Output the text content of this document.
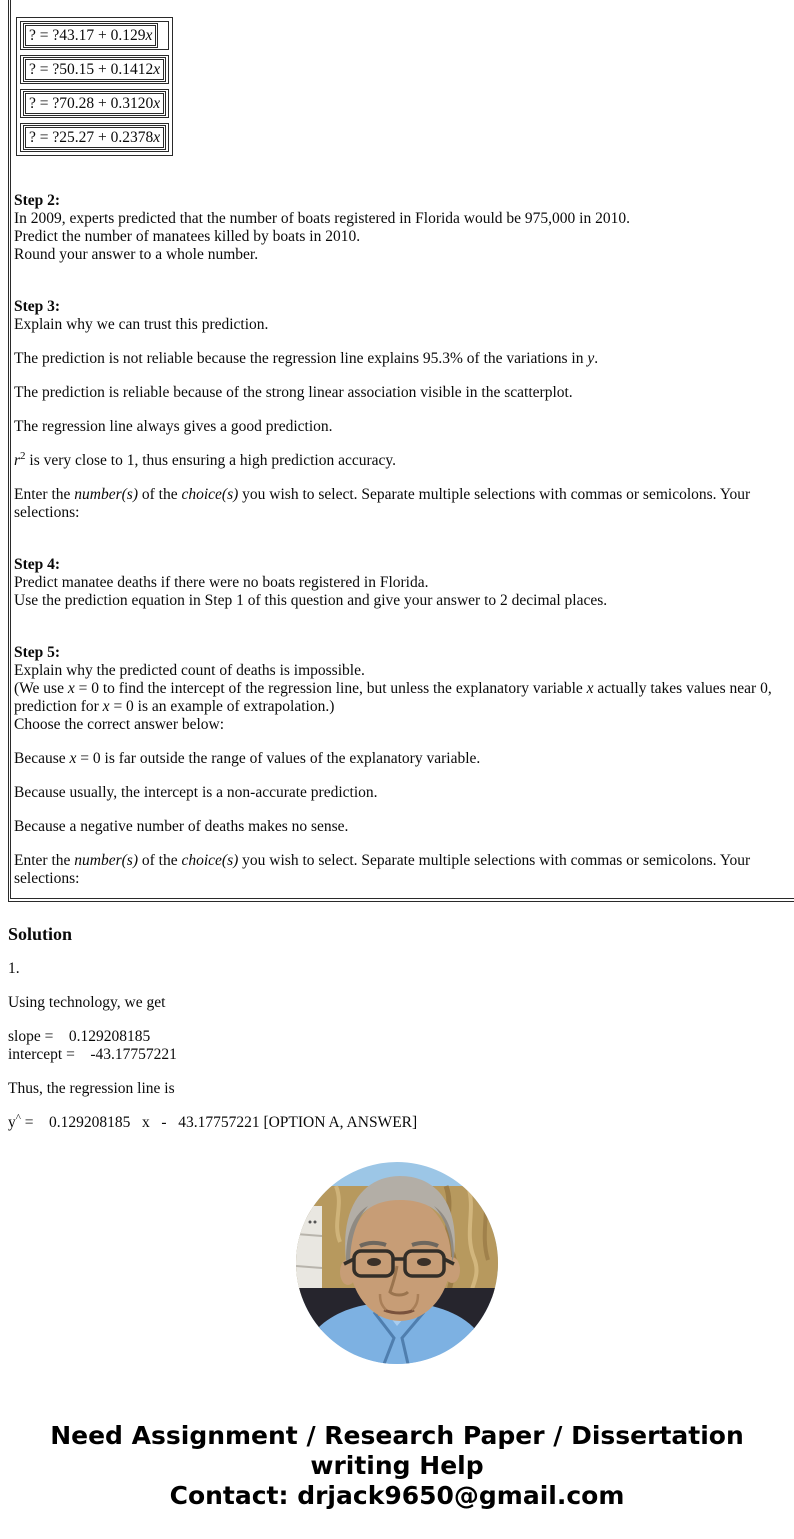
? = ?43.17 + 0.129x
? = ?50.15 + 0.1412x
? = ?70.28 + 0.3120x
? = ?25.27 + 0.2378x
Step 2:
In 2009, experts predicted that the number of boats registered in Florida would be 975,000 in 2010.
Predict the number of manatees killed by boats in 2010.
Round your answer to a whole number.
Step 3:
Explain why we can trust this prediction.
The prediction is not reliable because the regression line explains 95.3% of the variations in y.
The prediction is reliable because of the strong linear association visible in the scatterplot.
The regression line always gives a good prediction.
$r^2$ is very close to 1, thus ensuring a high prediction accuracy.
Enter the number(s) of the choice(s) you wish to select. Separate multiple selections with commas or semicolons. Your selections:
Step 4:
Predict manatee deaths if there were no boats registered in Florida.
Use the prediction equation in Step 1 of this question and give your answer to 2 decimal places.
Step 5:
Explain why the predicted count of deaths is impossible.
(We use x = 0 to find the intercept of the regression line, but unless the explanatory variable x actually takes values near 0, prediction for x = 0 is an example of extrapolation.)
Choose the correct answer below:
Because x = 0 is far outside the range of values of the explanatory variable.
Because usually, the intercept is a non-accurate prediction.
Because a negative number of deaths makes no sense.
Enter the number(s) of the choice(s) you wish to select. Separate multiple selections with commas or semicolons. Your selections:
Solution
1.
Using technology, we get
slope =    0.129208185
intercept =    -43.17757221
Thus, the regression line is
y^ =    0.129208185   x   -   43.17757221 [OPTION A, ANSWER]
Need Assignment / Research Paper / Dissertation
writing Help
Contact: drjack9650@gmail.com
